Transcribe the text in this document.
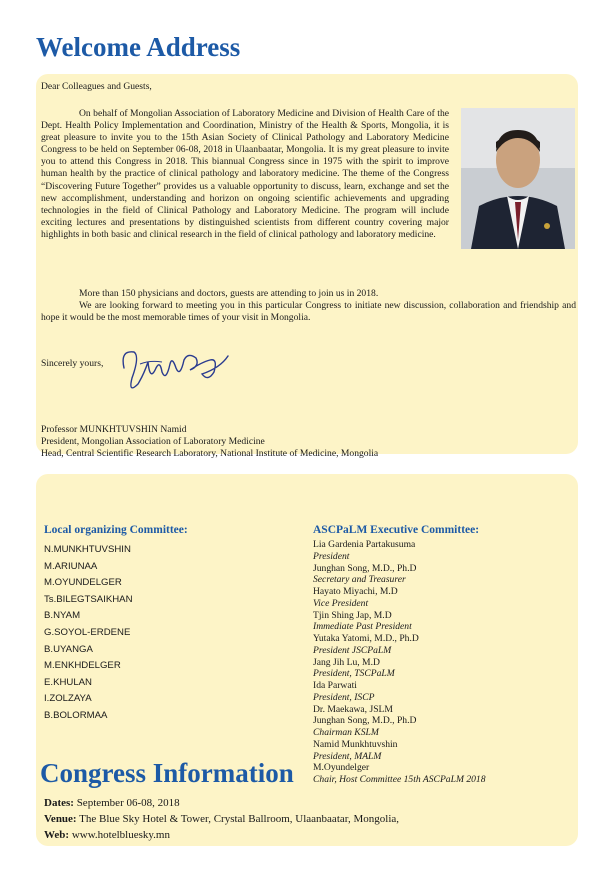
Welcome Address
Dear Colleagues and Guests,
On behalf of Mongolian Association of Laboratory Medicine and Division of Health Care of the Dept. Health Policy Implementation and Coordination, Ministry of the Health & Sports, Mongolia, it is great pleasure to invite you to the 15th Asian Society of Clinical Pathology and Laboratory Medicine Congress to be held on September 06-08, 2018 in Ulaanbaatar, Mongolia. It is my great pleasure to invite you to attend this Congress in 2018. This biannual Congress since in 1975 with the spirit to improve human health by the practice of clinical pathology and laboratory medicine. The theme of the Congress “Discovering Future Together” provides us a valuable opportunity to discuss, learn, exchange and set the new accomplishment, understanding and horizon on ongoing scientific achievements and upgrading technologies in the field of Clinical Pathology and Laboratory Medicine. The program will include exciting lectures and presentations by distinguished scientists from different country covering major highlights in both basic and clinical research in the field of clinical pathology and laboratory medicine.
More than 150 physicians and doctors, guests are attending to join us in 2018.
We are looking forward to meeting you in this particular Congress to initiate new discussion, collaboration and friendship and hope it would be the most memorable times of your visit in Mongolia.
Sincerely yours,
Professor MUNKHTUVSHIN Namid
President, Mongolian Association of Laboratory Medicine
Head, Central Scientific Research Laboratory, National Institute of Medicine, Mongolia
Local organizing Committee:
N.MUNKHTUVSHIN
M.ARIUNAA
M.OYUNDELGER
Ts.BILEGTSAIKHAN
B.NYAM
G.SOYOL-ERDENE
B.UYANGA
M.ENKHDELGER
E.KHULAN
I.ZOLZAYA
B.BOLORMAA
ASCPaLM Executive Committee:
Lia Gardenia Partakusuma
President
Junghan Song, M.D., Ph.D
Secretary and Treasurer
Hayato Miyachi, M.D
Vice President
Tjin Shing Jap, M.D
Immediate Past President
Yutaka Yatomi, M.D., Ph.D
President JSCPaLM
Jang Jih Lu, M.D
President, TSCPaLM
Ida Parwati
President, ISCP
Dr. Maekawa, JSLM
Junghan Song, M.D., Ph.D
Chairman KSLM
Namid Munkhtuvshin
President, MALM
M.Oyundelger
Chair, Host Committee 15th ASCPaLM 2018
Congress Information
Dates: September 06-08, 2018
Venue: The Blue Sky Hotel & Tower, Crystal Ballroom, Ulaanbaatar, Mongolia,
Web: www.hotelbluesky.mn
